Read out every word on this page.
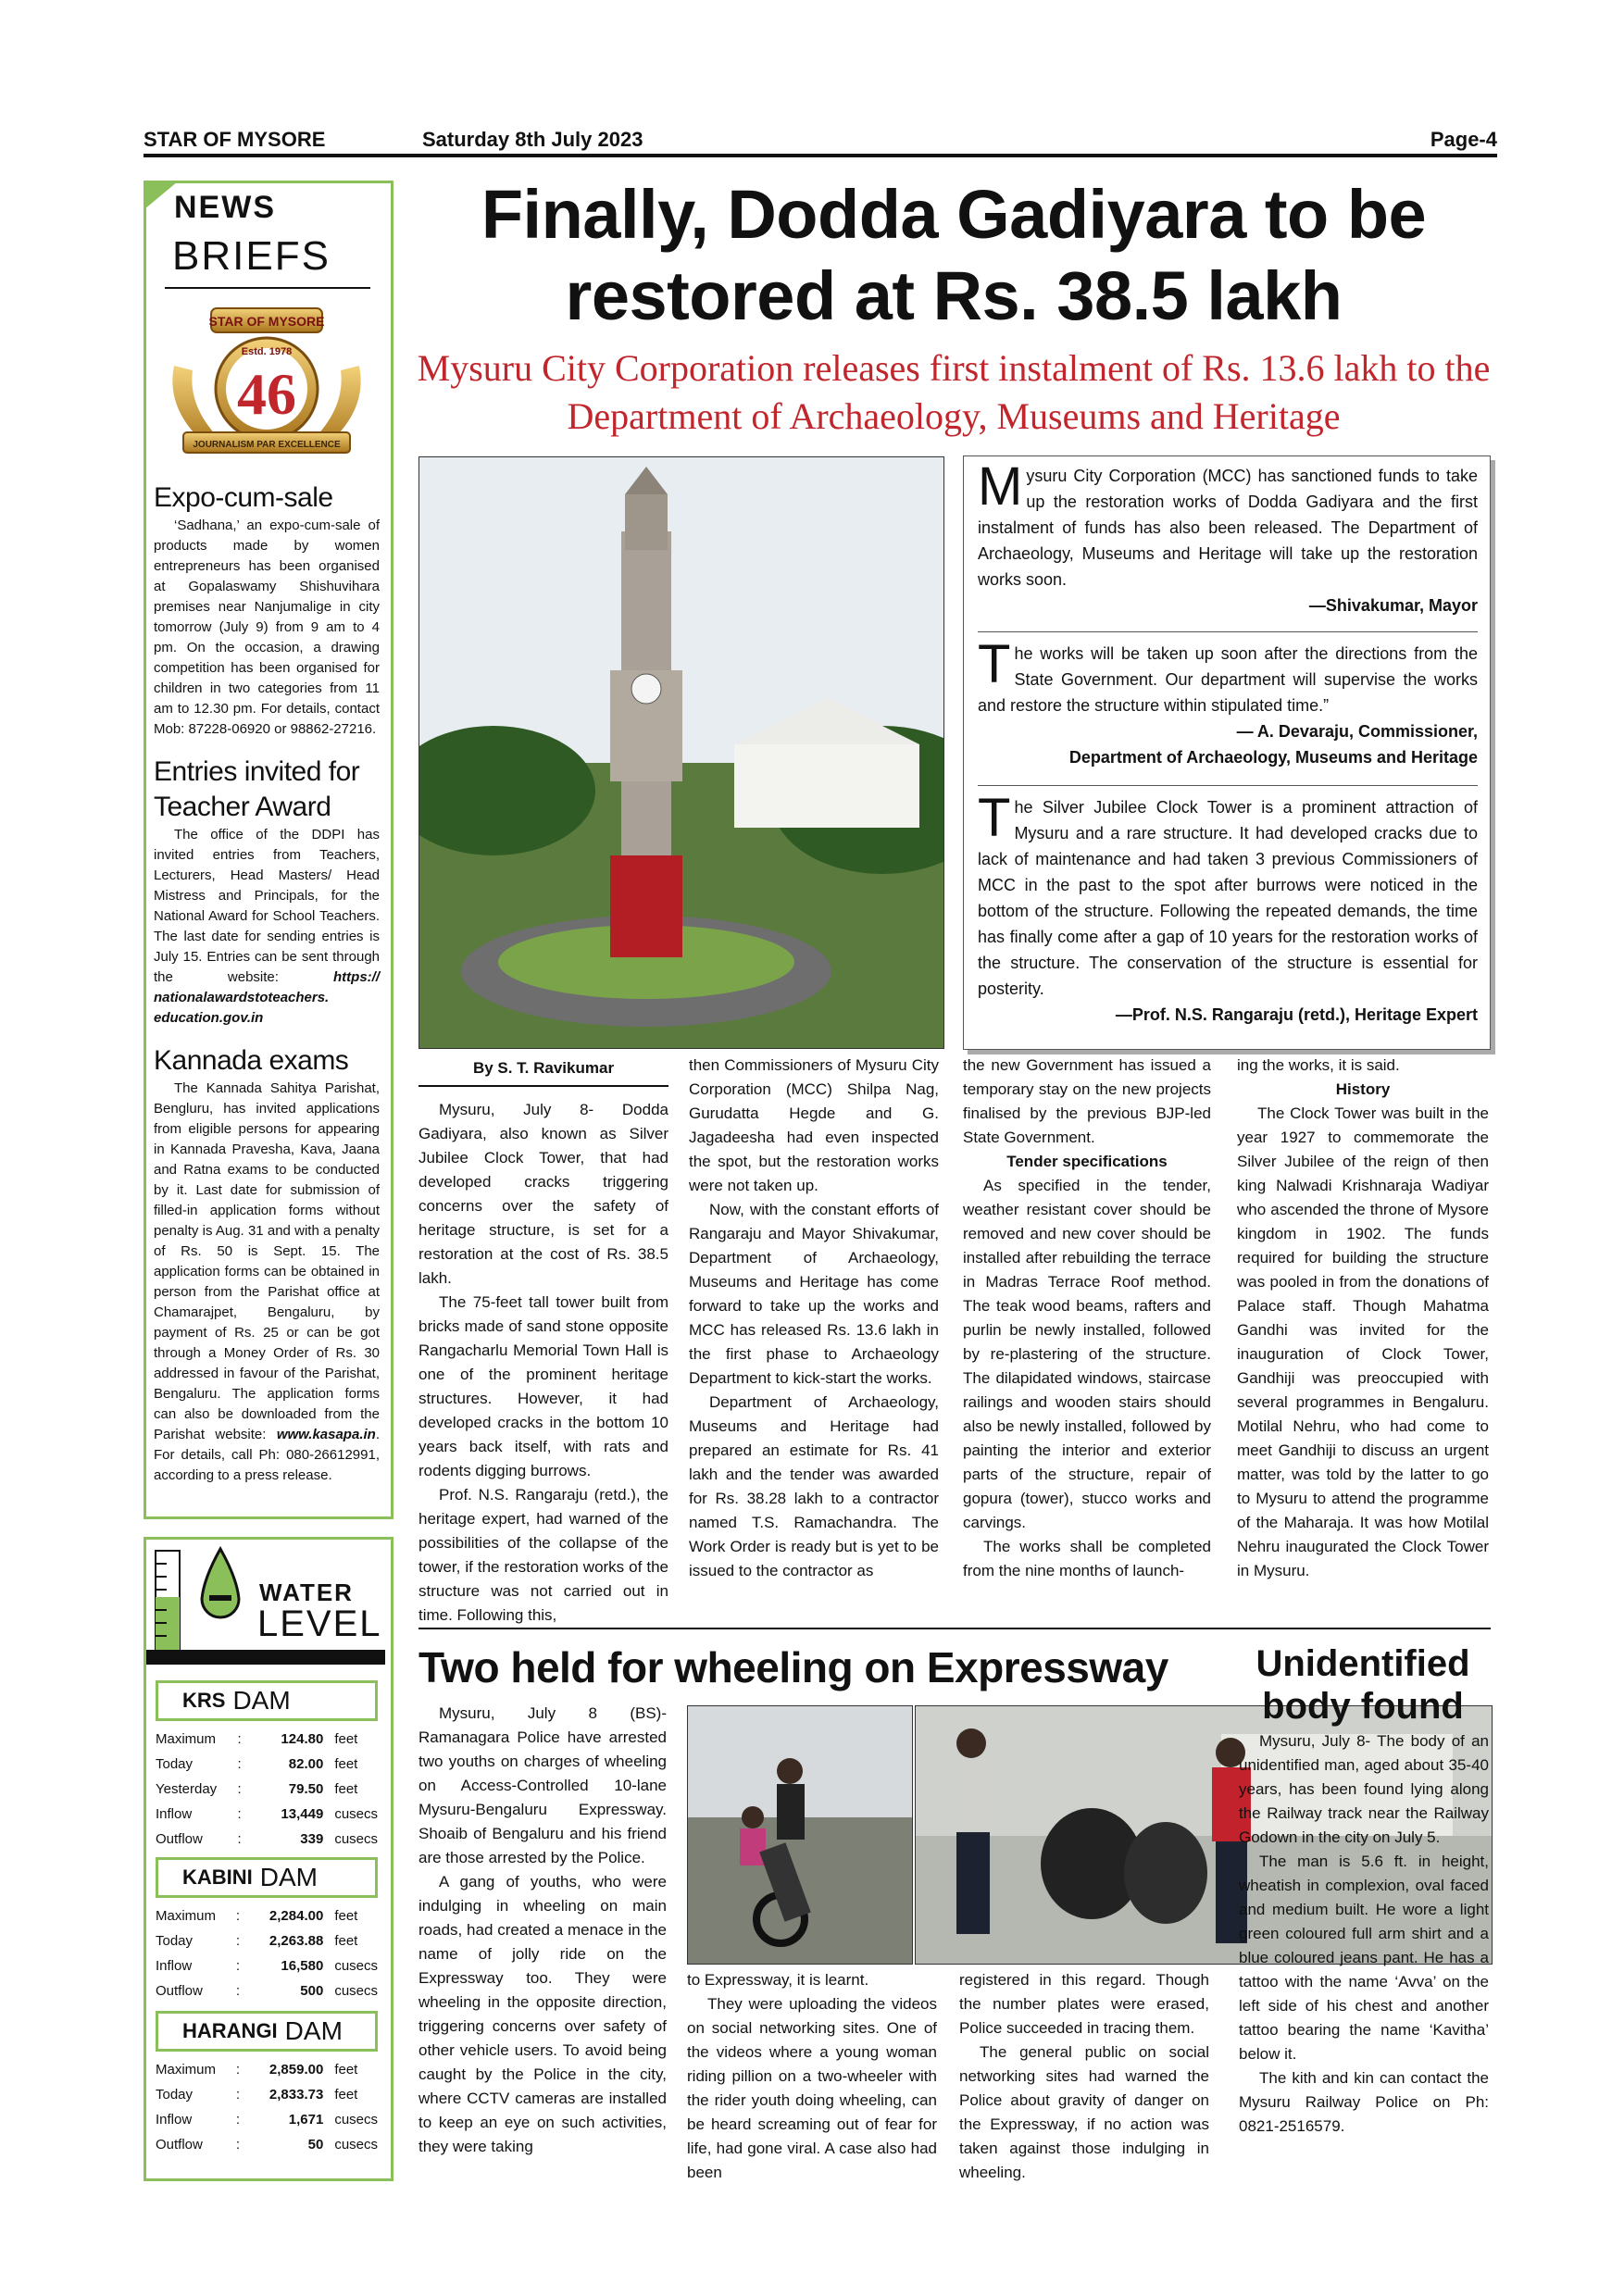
STAR OF MYSORE	Saturday 8th July 2023	Page-4
NEWS
BRIEFS
STAR OF MYSORE
Estd. 1978
46
JOURNALISM PAR EXCELLENCE
Expo-cum-sale
‘Sadhana,’ an expo-cum-sale of products made by women entrepreneurs has been organised at Gopalaswamy Shishuvihara premises near Nanjumalige in city tomorrow (July 9) from 9 am to 4 pm. On the occasion, a drawing competition has been organised for children in two categories from 11 am to 12.30 pm. For details, contact Mob: 87228-06920 or 98862-27216.
Entries invited for Teacher Award
The office of the DDPI has invited entries from Teachers, Lecturers, Head Masters/ Head Mistress and Principals, for the National Award for School Teachers. The last date for sending entries is July 15. Entries can be sent through the website: https:// nationalawardstoteachers. education.gov.in
Kannada exams
The Kannada Sahitya Parishat, Bengluru, has invited applications from eligible persons for appearing in Kannada Pravesha, Kava, Jaana and Ratna exams to be conducted by it. Last date for submission of filled-in application forms without penalty is Aug. 31 and with a penalty of Rs. 50 is Sept. 15. The application forms can be obtained in person from the Parishat office at Chamarajpet, Bengaluru, by payment of Rs. 25 or can be got through a Money Order of Rs. 30 addressed in favour of the Parishat, Bengaluru. The application forms can also be downloaded from the Parishat website: www.kasapa.in. For details, call Ph: 080-26612991, according to a press release.
WATER
LEVEL
KRS DAM
Maximum	:	124.80	feet
Today	:	82.00	feet
Yesterday	:	79.50	feet
Inflow	:	13,449	cusecs
Outflow	:	339	cusecs
KABINI DAM
Maximum	:	2,284.00	feet
Today	:	2,263.88	feet
Inflow	:	16,580	cusecs
Outflow	:	500	cusecs
HARANGI DAM
Maximum	:	2,859.00	feet
Today	:	2,833.73	feet
Inflow	:	1,671	cusecs
Outflow	:	50	cusecs
Finally, Dodda Gadiyara to be restored at Rs. 38.5 lakh
Mysuru City Corporation releases first instalment of Rs. 13.6 lakh to the Department of Archaeology, Museums and Heritage
Mysuru City Corporation (MCC) has sanctioned funds to take up the restoration works of Dodda Gadiyara and the first instalment of funds has also been released. The Department of Archaeology, Museums and Heritage will take up the restoration works soon.
—Shivakumar, Mayor
The works will be taken up soon after the directions from the State Government. Our department will supervise the works and restore the structure within stipulated time.”
— A. Devaraju, Commissioner,
Department of Archaeology, Museums and Heritage
The Silver Jubilee Clock Tower is a prominent attraction of Mysuru and a rare structure. It had developed cracks due to lack of maintenance and had taken 3 previous Commissioners of MCC in the past to the spot after burrows were noticed in the bottom of the structure. Following the repeated demands, the time has finally come after a gap of 10 years for the restoration works of the structure. The conservation of the structure is essential for posterity.
—Prof. N.S. Rangaraju (retd.), Heritage Expert
By S. T. Ravikumar
Mysuru, July 8- Dodda Gadiyara, also known as Silver Jubilee Clock Tower, that had developed cracks triggering concerns over the safety of heritage structure, is set for a restoration at the cost of Rs. 38.5 lakh.
The 75-feet tall tower built from bricks made of sand stone opposite Rangacharlu Memorial Town Hall is one of the prominent heritage structures. However, it had developed cracks in the bottom 10 years back itself, with rats and rodents digging burrows.
Prof. N.S. Rangaraju (retd.), the heritage expert, had warned of the possibilities of the collapse of the tower, if the restoration works of the structure was not carried out in time. Following this,
then Commissioners of Mysuru City Corporation (MCC) Shilpa Nag, Gurudatta Hegde and G. Jagadeesha had even inspected the spot, but the restoration works were not taken up.
Now, with the constant efforts of Rangaraju and Mayor Shivakumar, Department of Archaeology, Museums and Heritage has come forward to take up the works and MCC has released Rs. 13.6 lakh in the first phase to Archaeology Department to kick-start the works.
Department of Archaeology, Museums and Heritage had prepared an estimate for Rs. 41 lakh and the tender was awarded for Rs. 38.28 lakh to a contractor named T.S. Ramachandra. The Work Order is ready but is yet to be issued to the contractor as
the new Government has issued a temporary stay on the new projects finalised by the previous BJP-led State Government.
Tender specifications
As specified in the tender, weather resistant cover should be removed and new cover should be installed after rebuilding the terrace in Madras Terrace Roof method. The teak wood beams, rafters and purlin be newly installed, followed by re-plastering of the structure. The dilapidated windows, staircase railings and wooden stairs should also be newly installed, followed by painting the interior and exterior parts of the structure, repair of gopura (tower), stucco works and carvings.
The works shall be completed from the nine months of launch-
ing the works, it is said.
History
The Clock Tower was built in the year 1927 to commemorate the Silver Jubilee of the reign of then king Nalwadi Krishnaraja Wadiyar who ascended the throne of Mysore kingdom in 1902. The funds required for building the structure was pooled in from the donations of Palace staff. Though Mahatma Gandhi was invited for the inauguration of Clock Tower, Gandhiji was preoccupied with several programmes in Bengaluru. Motilal Nehru, who had come to meet Gandhiji to discuss an urgent matter, was told by the latter to go to Mysuru to attend the programme of the Maharaja. It was how Motilal Nehru inaugurated the Clock Tower in Mysuru.
Two held for wheeling on Expressway
Mysuru, July 8 (BS)- Ramanagara Police have arrested two youths on charges of wheeling on Access-Controlled 10-lane Mysuru-Bengaluru Expressway. Shoaib of Bengaluru and his friend are those arrested by the Police.
A gang of youths, who were indulging in wheeling on main roads, had created a menace in the name of jolly ride on the Expressway too. They were wheeling in the opposite direction, triggering concerns over safety of other vehicle users. To avoid being caught by the Police in the city, where CCTV cameras are installed to keep an eye on such activities, they were taking
to Expressway, it is learnt.
They were uploading the videos on social networking sites. One of the videos where a young woman riding pillion on a two-wheeler with the rider youth doing wheeling, can be heard screaming out of fear for life, had gone viral. A case also had been
registered in this regard. Though the number plates were erased, Police succeeded in tracing them.
The general public on social networking sites had warned the Police about gravity of danger on the Expressway, if no action was taken against those indulging in wheeling.
Unidentified body found
Mysuru, July 8- The body of an unidentified man, aged about 35-40 years, has been found lying along the Railway track near the Railway Godown in the city on July 5.
The man is 5.6 ft. in height, wheatish in complexion, oval faced and medium built. He wore a light green coloured full arm shirt and a blue coloured jeans pant. He has a tattoo with the name ‘Avva’ on the left side of his chest and another tattoo bearing the name ‘Kavitha’ below it.
The kith and kin can contact the Mysuru Railway Police on Ph: 0821-2516579.
